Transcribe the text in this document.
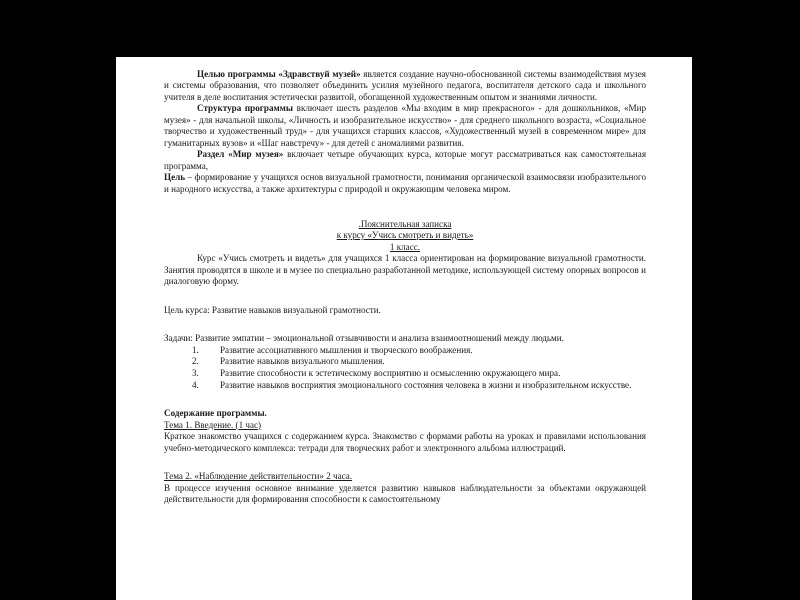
Целью программы «Здравствуй музей» является создание научно-обоснованной системы взаимодействия музея и системы образования, что позволяет объединить усилия музейного педагога, воспитателя детского сада и школьного учителя в деле воспитания эстетически развитой, обогащенной художественным опытом и знаниями личности.

Структура программы включает шесть разделов «Мы входим в мир прекрасного» - для дошкольников, «Мир музея» - для начальной школы, «Личность и изобразительное искусство» - для среднего школьного возраста, «Социальное творчество и художественный труд» - для учащихся старших классов, «Художественный музей в современном мире» для гуманитарных вузов» и «Шаг навстречу» - для детей с аномалиями развития.

Раздел «Мир музея» включает четыре обучающих курса, которые могут рассматриваться как самостоятельная программа,

Цель – формирование у учащихся основ визуальной грамотности, понимания органической взаимосвязи изобразительного и народного искусства, а также архитектуры с природой и окружающим человека миром.

.Пояснительная записка

к курсу «Учись смотреть и видеть»

1 класс.

Курс «Учись смотреть и видеть» для учащихся 1 класса ориентирован на формирование визуальной грамотности. Занятия проводятся в школе и в музее по специально разработанной методике, использующей систему опорных вопросов и диалоговую форму.

Цель курса: Развитие навыков визуальной грамотности.

Задачи: Развитие эмпатии – эмоциональной отзывчивости и анализа взаимоотношений между людьми.

Развитие ассоциативного мышления и творческого воображения.
Развитие навыков визуального мышления.
Развитие способности к эстетическому восприятию и осмыслению окружающего мира.
Развитие навыков восприятия эмоционального состояния человека в жизни и изобразительном искусстве.

Содержание программы.

Тема 1. Введение. (1 час)

Краткое знакомство учащихся с содержанием курса. Знакомство с формами работы на уроках и правилами использования учебно-методического комплекса: тетради для творческих работ и электронного альбома иллюстраций.

Тема 2. «Наблюдение действительности» 2 часа.

В процессе изучения основное внимание уделяется развитию навыков наблюдательности за объектами окружающей действительности для формирования способности к самостоятельному
